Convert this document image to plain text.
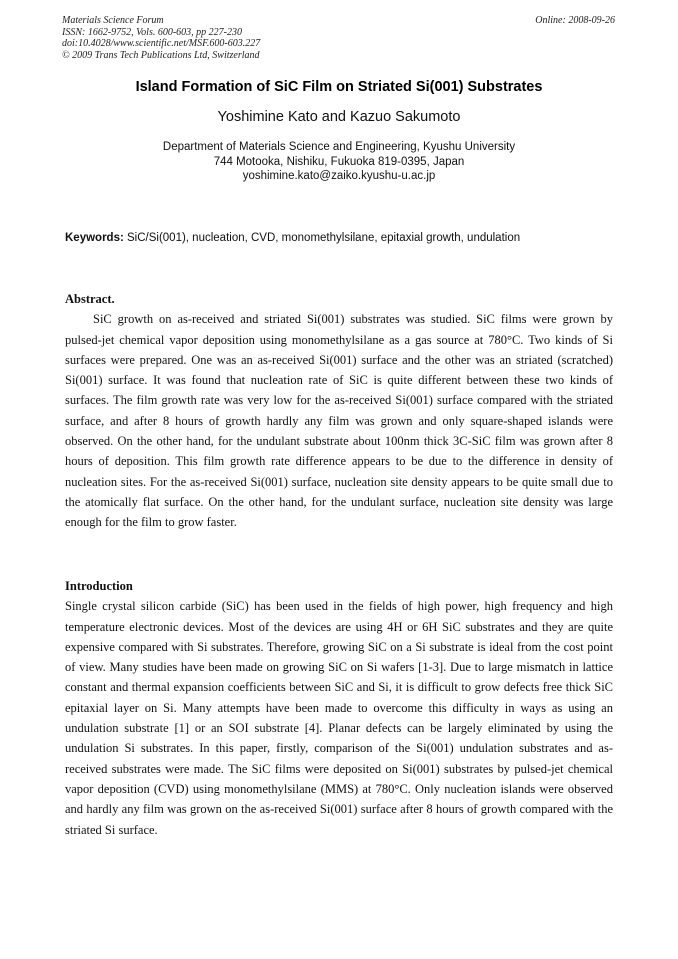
Materials Science Forum
ISSN: 1662-9752, Vols. 600-603, pp 227-230
doi:10.4028/www.scientific.net/MSF.600-603.227
© 2009 Trans Tech Publications Ltd, Switzerland
Online: 2008-09-26
Island Formation of SiC Film on Striated Si(001) Substrates
Yoshimine Kato and Kazuo Sakumoto
Department of Materials Science and Engineering, Kyushu University
744 Motooka, Nishiku, Fukuoka 819-0395, Japan
yoshimine.kato@zaiko.kyushu-u.ac.jp
Keywords: SiC/Si(001), nucleation, CVD, monomethylsilane, epitaxial growth, undulation
Abstract.

SiC growth on as-received and striated Si(001) substrates was studied. SiC films were grown by pulsed-jet chemical vapor deposition using monomethylsilane as a gas source at 780°C. Two kinds of Si surfaces were prepared. One was an as-received Si(001) surface and the other was an striated (scratched) Si(001) surface. It was found that nucleation rate of SiC is quite different between these two kinds of surfaces. The film growth rate was very low for the as-received Si(001) surface compared with the striated surface, and after 8 hours of growth hardly any film was grown and only square-shaped islands were observed. On the other hand, for the undulant substrate about 100nm thick 3C-SiC film was grown after 8 hours of deposition. This film growth rate difference appears to be due to the difference in density of nucleation sites. For the as-received Si(001) surface, nucleation site density appears to be quite small due to the atomically flat surface. On the other hand, for the undulant surface, nucleation site density was large enough for the film to grow faster.

Introduction

Single crystal silicon carbide (SiC) has been used in the fields of high power, high frequency and high temperature electronic devices. Most of the devices are using 4H or 6H SiC substrates and they are quite expensive compared with Si substrates. Therefore, growing SiC on a Si substrate is ideal from the cost point of view. Many studies have been made on growing SiC on Si wafers [1-3]. Due to large mismatch in lattice constant and thermal expansion coefficients between SiC and Si, it is difficult to grow defects free thick SiC epitaxial layer on Si. Many attempts have been made to overcome this difficulty in ways as using an undulation substrate [1] or an SOI substrate [4]. Planar defects can be largely eliminated by using the undulation Si substrates. In this paper, firstly, comparison of the Si(001) undulation substrates and as-received substrates were made. The SiC films were deposited on Si(001) substrates by pulsed-jet chemical vapor deposition (CVD) using monomethylsilane (MMS) at 780°C. Only nucleation islands were observed and hardly any film was grown on the as-received Si(001) surface after 8 hours of growth compared with the striated Si surface.
